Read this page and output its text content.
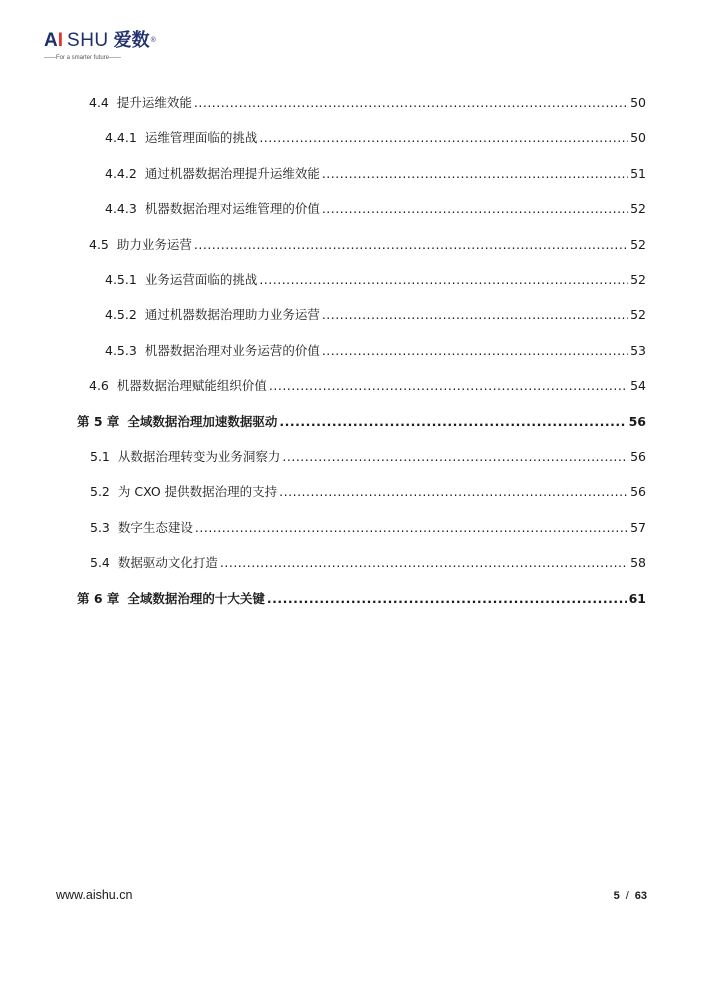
AI SHU 爱数®
——For a smarter future——
4.4 提升运维效能 .....	50
4.4.1 运维管理面临的挑战 .....	50
4.4.2 通过机器数据治理提升运维效能 .....	51
4.4.3 机器数据治理对运维管理的价值 .....	52
4.5 助力业务运营 .....	52
4.5.1 业务运营面临的挑战 .....	52
4.5.2 通过机器数据治理助力业务运营 .....	52
4.5.3 机器数据治理对业务运营的价值 .....	53
4.6 机器数据治理赋能组织价值 .....	54
第 5 章 全域数据治理加速数据驱动 .....	56
5.1 从数据治理转变为业务洞察力 .....	56
5.2 为 CXO 提供数据治理的支持 .....	56
5.3 数字生态建设 .....	57
5.4 数据驱动文化打造 .....	58
第 6 章 全域数据治理的十大关键 .....	61
www.aishu.cn	5 / 63
